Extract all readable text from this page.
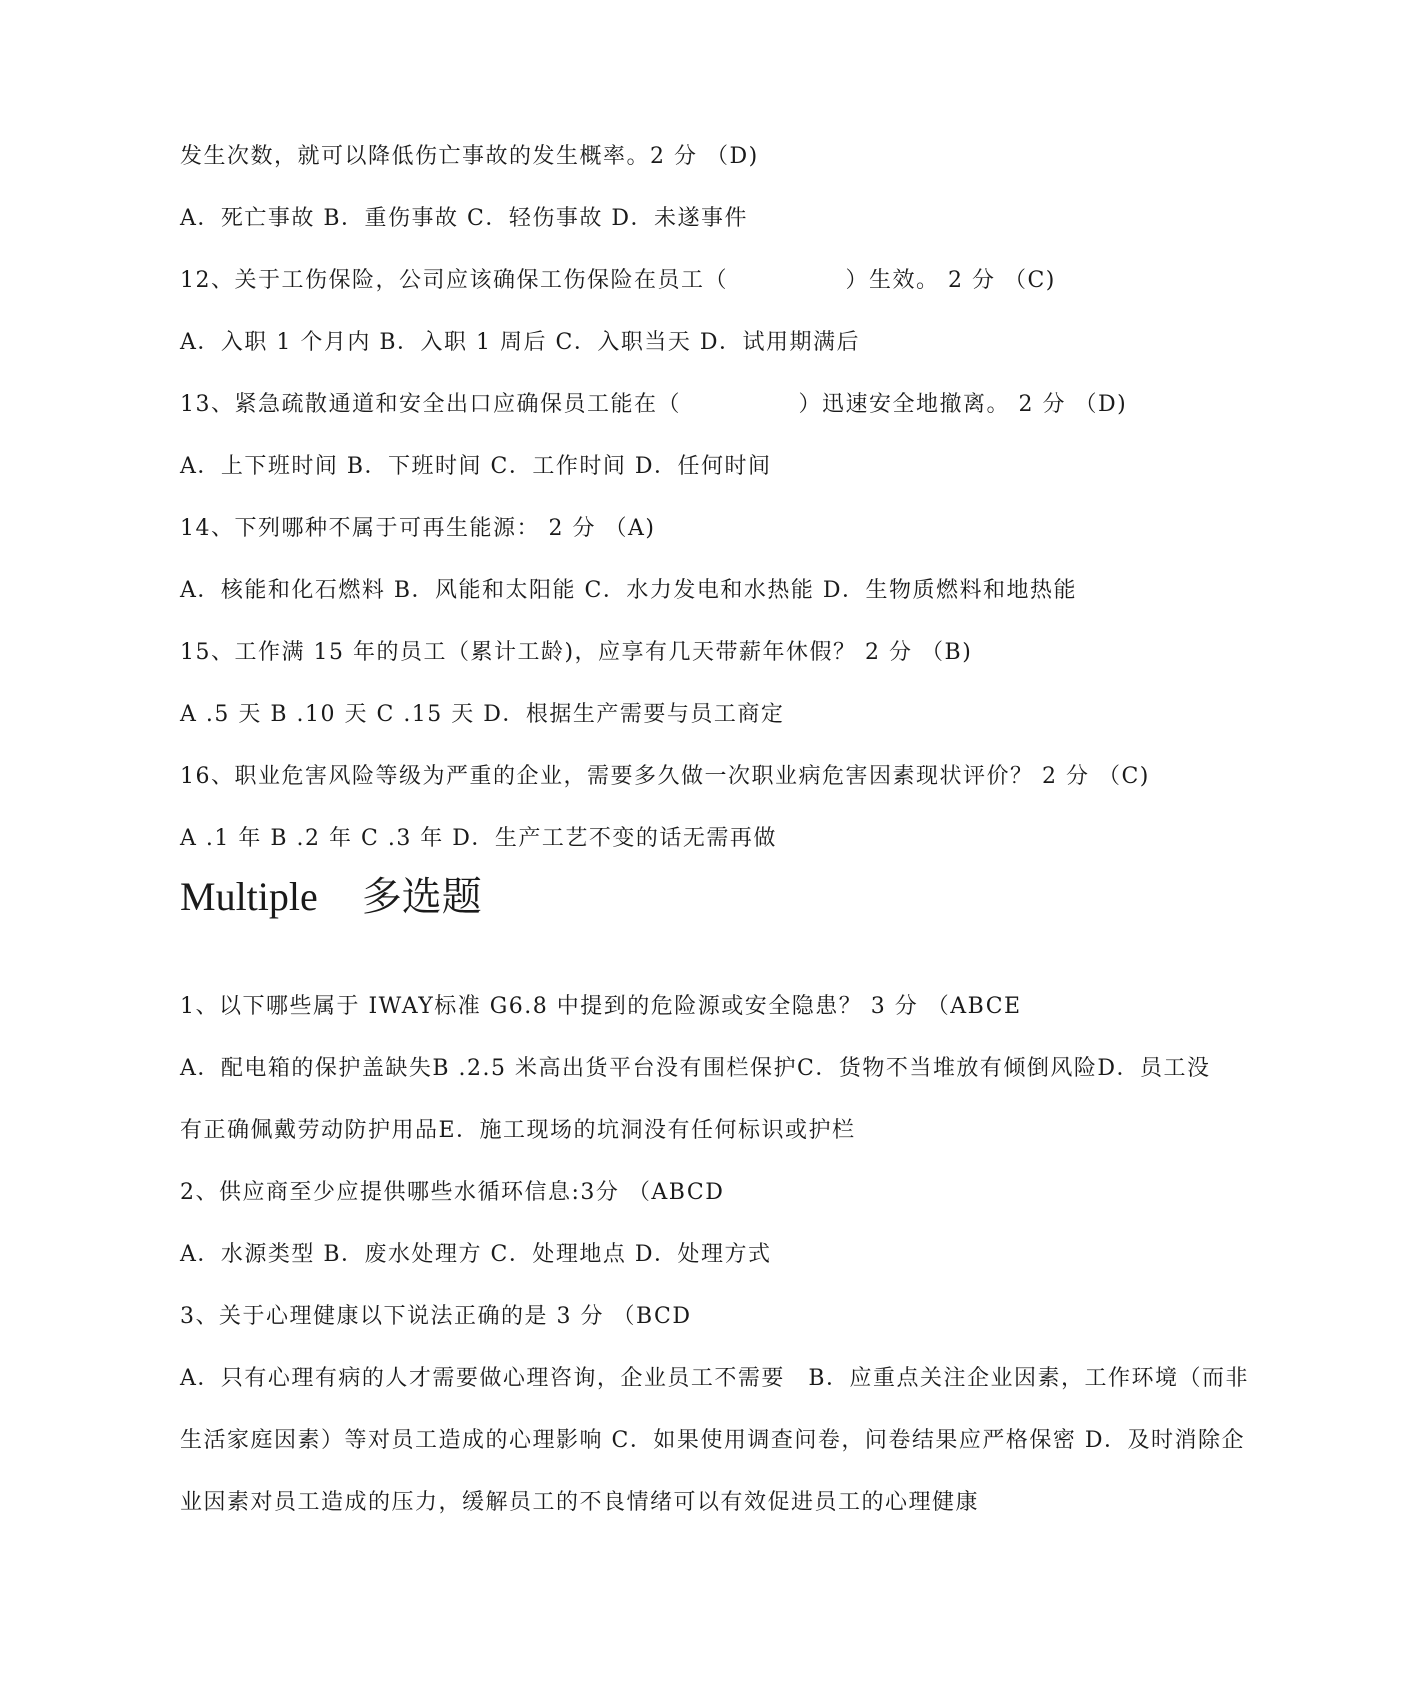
发生次数，就可以降低伤亡事故的发生概率。2 分 （D)
A．死亡事故 B．重伤事故 C．轻伤事故 D．未遂事件
12、关于工伤保险，公司应该确保工伤保险在员工（　　　　　）生效。 2 分 （C)
A．入职 1 个月内 B．入职 1 周后 C．入职当天 D．试用期满后
13、紧急疏散通道和安全出口应确保员工能在（　　　　　）迅速安全地撤离。 2 分 （D)
A．上下班时间 B．下班时间 C．工作时间 D．任何时间
14、下列哪种不属于可再生能源： 2 分 （A)
A．核能和化石燃料 B．风能和太阳能 C．水力发电和水热能 D．生物质燃料和地热能
15、工作满 15 年的员工（累计工龄)，应享有几天带薪年休假？ 2 分 （B)
A .5 天 B .10 天 C .15 天 D．根据生产需要与员工商定
16、职业危害风险等级为严重的企业，需要多久做一次职业病危害因素现状评价？ 2 分 （C)
A .1 年 B .2 年 C .3 年 D．生产工艺不变的话无需再做
Multiple 多选题
1、以下哪些属于 IWAY标准 G6.8 中提到的危险源或安全隐患？ 3 分 （ABCE
A．配电箱的保护盖缺失B .2.5 米高出货平台没有围栏保护C．货物不当堆放有倾倒风险D．员工没
有正确佩戴劳动防护用品E．施工现场的坑洞没有任何标识或护栏
2、供应商至少应提供哪些水循环信息:3分 （ABCD
A．水源类型 B．废水处理方 C．处理地点 D．处理方式
3、关于心理健康以下说法正确的是 3 分 （BCD
A．只有心理有病的人才需要做心理咨询，企业员工不需要　B．应重点关注企业因素，工作环境（而非
生活家庭因素）等对员工造成的心理影响 C．如果使用调查问卷，问卷结果应严格保密 D．及时消除企
业因素对员工造成的压力，缓解员工的不良情绪可以有效促进员工的心理健康
